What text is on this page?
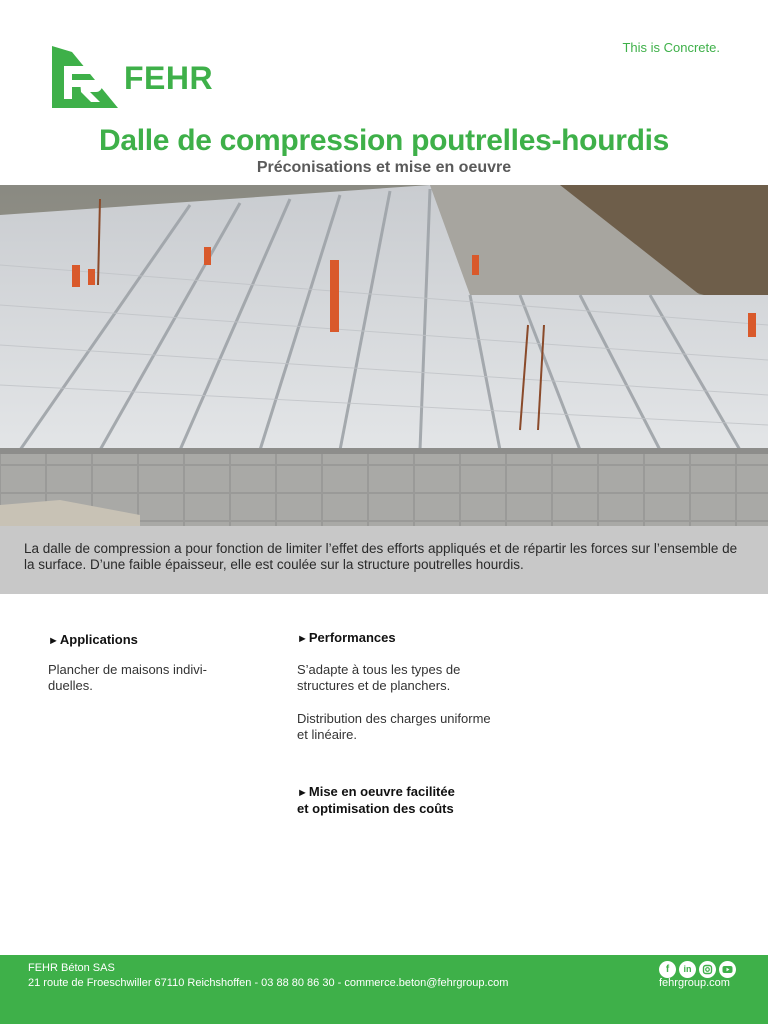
FEHR
This is Concrete.
Dalle de compression poutrelles-hourdis
Préconisations et mise en oeuvre
La dalle de compression a pour fonction de limiter l’effet des efforts appliqués et de répartir les forces sur l’ensemble de la surface. D’une faible épaisseur, elle est coulée sur la structure poutrelles hourdis.
►Applications
Plancher de maisons indivi-duelles.
►Performances
S’adapte à tous les types de structures et de planchers.
Distribution des charges uniforme et linéaire.
►Mise en oeuvre facilitée
et optimisation des coûts
FEHR Béton SAS
21 route de Froeschwiller 67110 Reichshoffen - 03 88 80 86 30 - commerce.beton@fehrgroup.com
f	in
fehrgroup.com
